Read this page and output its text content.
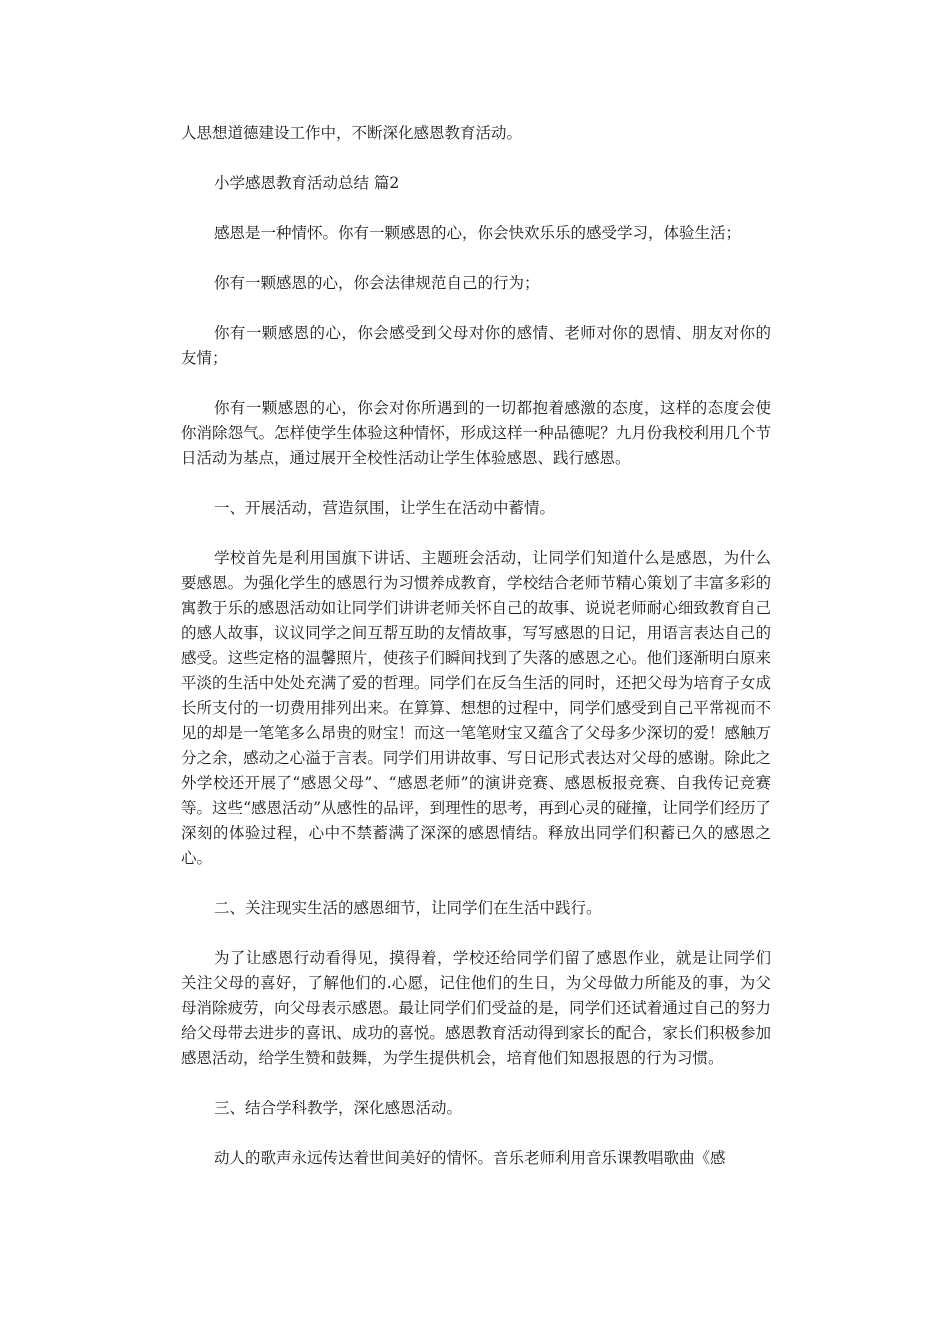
人思想道德建设工作中，不断深化感恩教育活动。

小学感恩教育活动总结 篇2

感恩是一种情怀。你有一颗感恩的心，你会快欢乐乐的感受学习，体验生活；

你有一颗感恩的心，你会法律规范自己的行为；

你有一颗感恩的心，你会感受到父母对你的感情、老师对你的恩情、朋友对你的友情；

你有一颗感恩的心，你会对你所遇到的一切都抱着感激的态度，这样的态度会使你消除怨气。怎样使学生体验这种情怀，形成这样一种品德呢？九月份我校利用几个节日活动为基点，通过展开全校性活动让学生体验感恩、践行感恩。

一、开展活动，营造氛围，让学生在活动中蓄情。

学校首先是利用国旗下讲话、主题班会活动，让同学们知道什么是感恩，为什么要感恩。为强化学生的感恩行为习惯养成教育，学校结合老师节精心策划了丰富多彩的寓教于乐的感恩活动如让同学们讲讲老师关怀自己的故事、说说老师耐心细致教育自己的感人故事，议议同学之间互帮互助的友情故事，写写感恩的日记，用语言表达自己的感受。这些定格的温馨照片，使孩子们瞬间找到了失落的感恩之心。他们逐渐明白原来平淡的生活中处处充满了爱的哲理。同学们在反刍生活的同时，还把父母为培育子女成长所支付的一切费用排列出来。在算算、想想的过程中，同学们感受到自己平常视而不见的却是一笔笔多么昂贵的财宝！而这一笔笔财宝又蕴含了父母多少深切的爱！感触万分之余，感动之心溢于言表。同学们用讲故事、写日记形式表达对父母的感谢。除此之外学校还开展了“感恩父母”、“感恩老师”的演讲竞赛、感恩板报竞赛、自我传记竞赛等。这些“感恩活动”从感性的品评，到理性的思考，再到心灵的碰撞，让同学们经历了深刻的体验过程，心中不禁蓄满了深深的感恩情结。释放出同学们积蓄已久的感恩之心。

二、关注现实生活的感恩细节，让同学们在生活中践行。

为了让感恩行动看得见，摸得着，学校还给同学们留了感恩作业，就是让同学们关注父母的喜好，了解他们的.心愿，记住他们的生日，为父母做力所能及的事，为父母消除疲劳，向父母表示感恩。最让同学们们受益的是，同学们还试着通过自己的努力给父母带去进步的喜讯、成功的喜悦。感恩教育活动得到家长的配合，家长们积极参加感恩活动，给学生赞和鼓舞，为学生提供机会，培育他们知恩报恩的行为习惯。

三、结合学科教学，深化感恩活动。

动人的歌声永远传达着世间美好的情怀。音乐老师利用音乐课教唱歌曲《感
